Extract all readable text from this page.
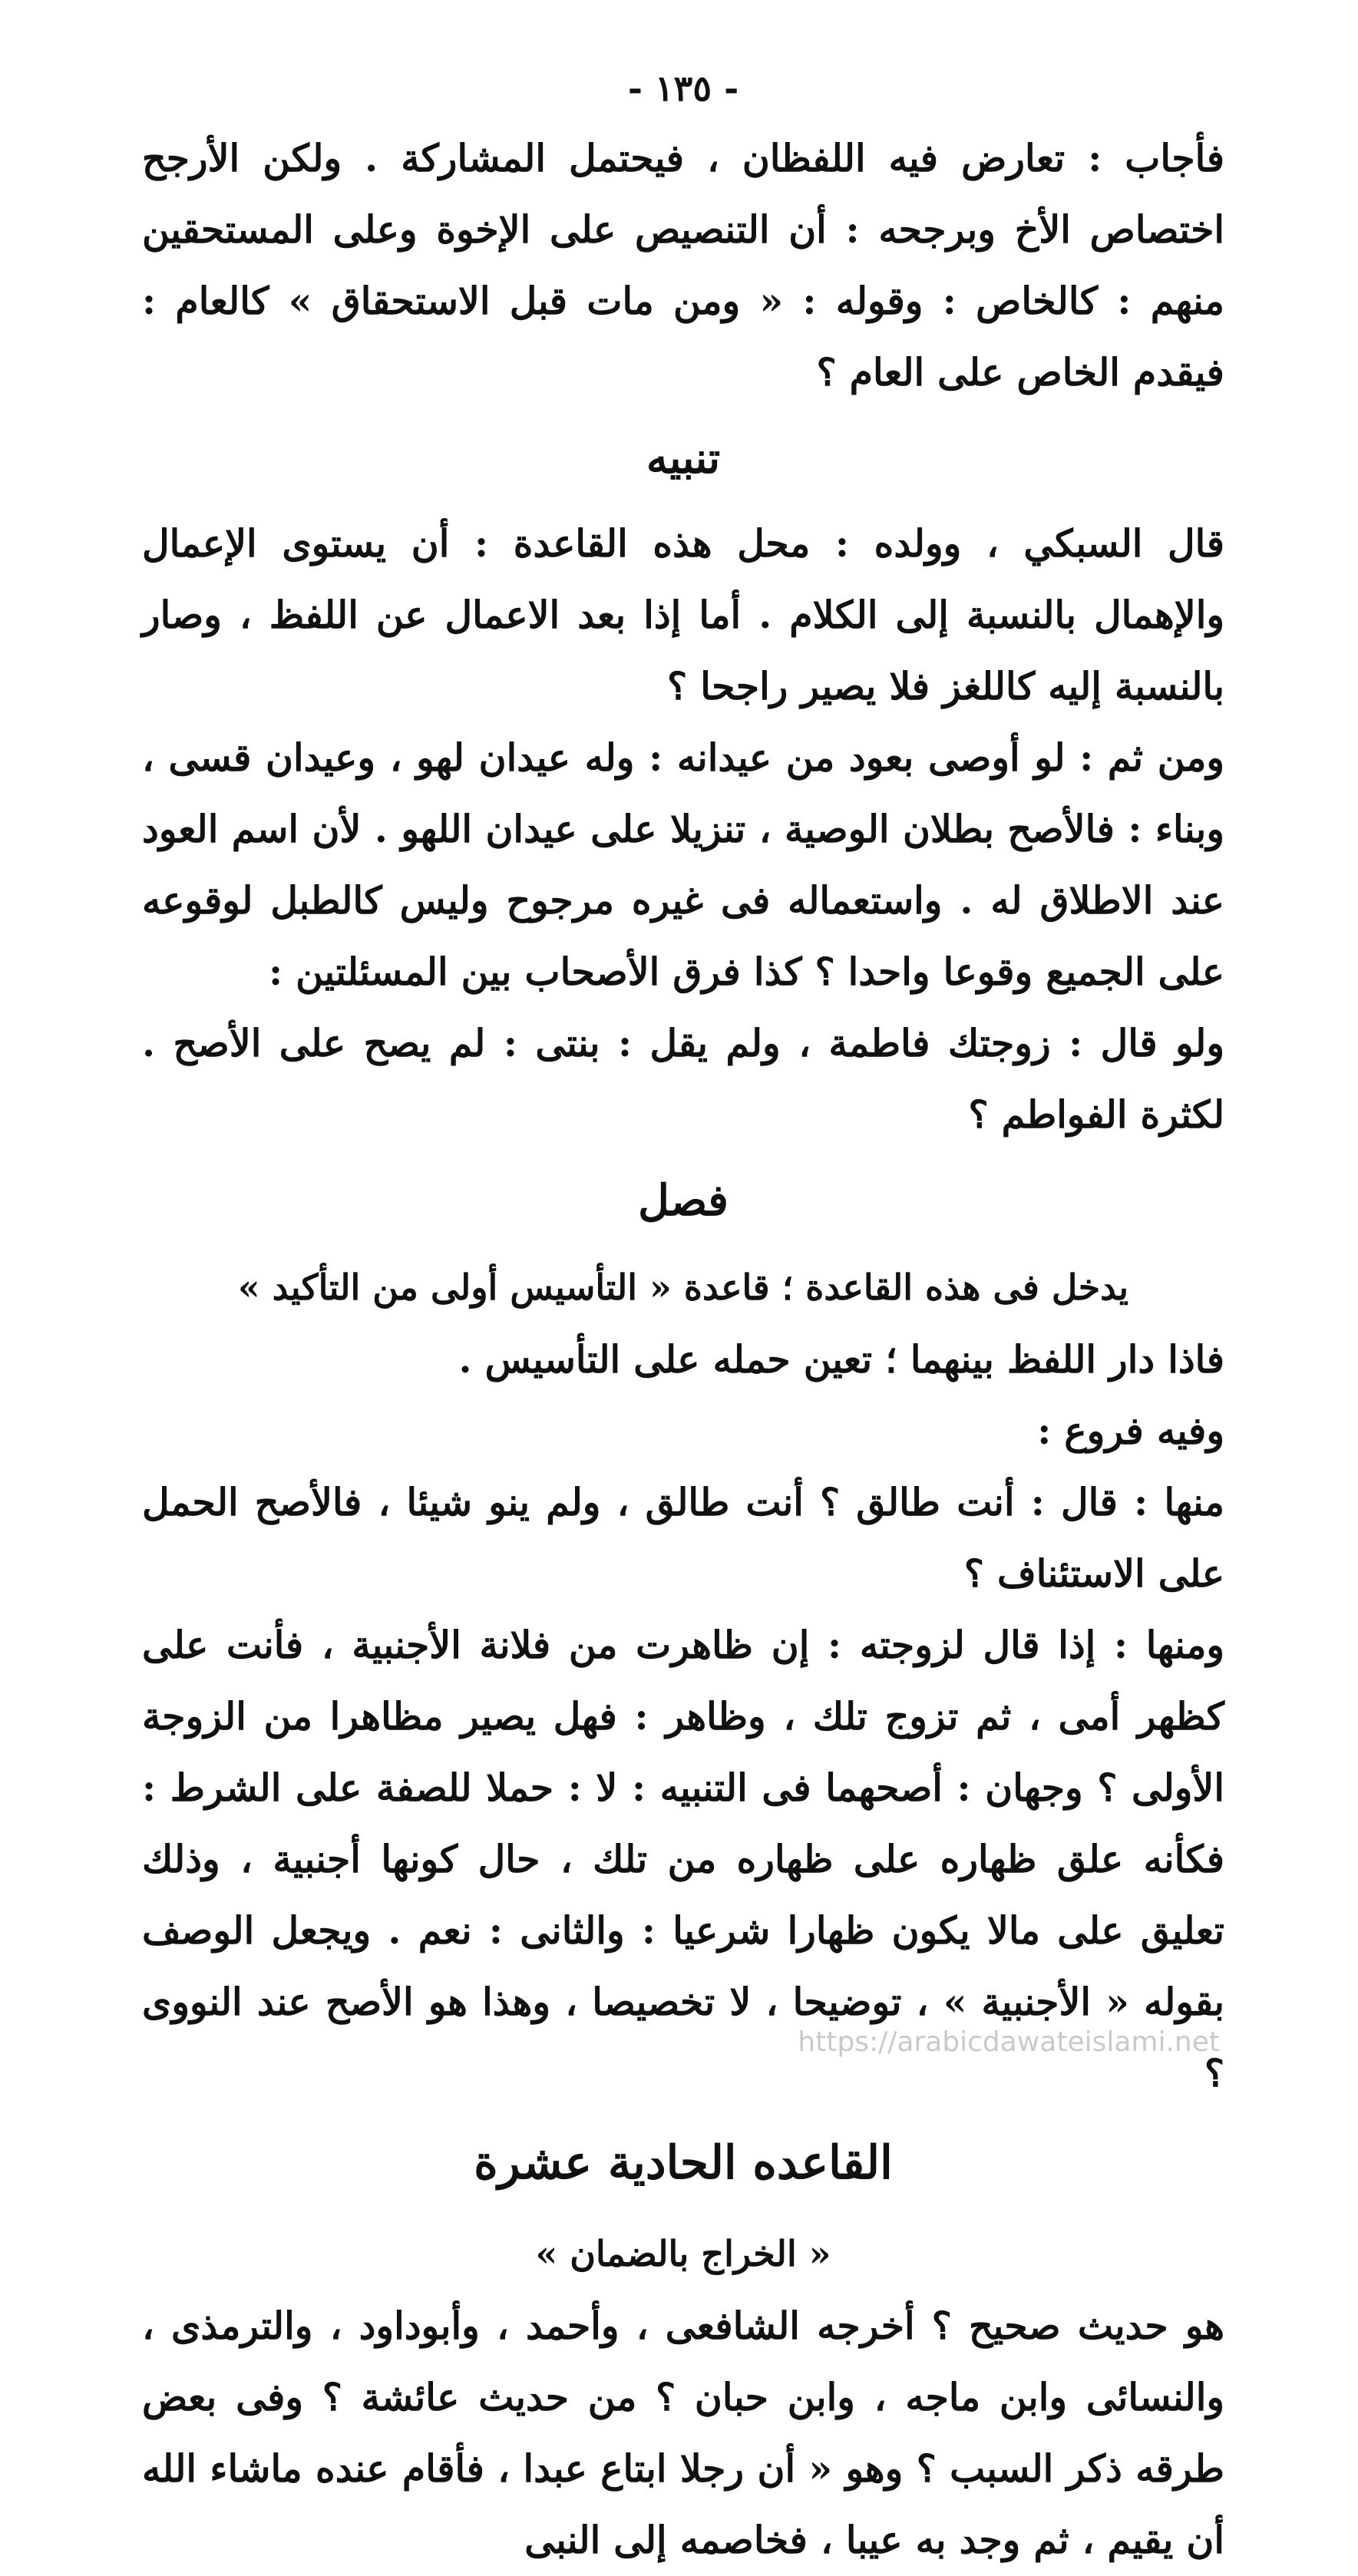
- ١٣٥ -

فأجاب : تعارض فيه اللفظان ، فيحتمل المشاركة . ولكن الأرجح اختصاص الأخ وبرجحه : أن التنصيص على الإخوة وعلى المستحقين منهم : كالخاص : وقوله : « ومن مات قبل الاستحقاق » كالعام : فيقدم الخاص على العام ؟

تنبيه

قال السبكي ، وولده : محل هذه القاعدة : أن يستوى الإعمال والإهمال بالنسبة إلى الكلام . أما إذا بعد الاعمال عن اللفظ ، وصار بالنسبة إليه كاللغز فلا يصير راجحا ؟

ومن ثم : لو أوصى بعود من عيدانه : وله عيدان لهو ، وعيدان قسى ، وبناء : فالأصح بطلان الوصية ، تنزيلا على عيدان اللهو . لأن اسم العود عند الاطلاق له . واستعماله فى غيره مرجوح وليس كالطبل لوقوعه على الجميع وقوعا واحدا ؟ كذا فرق الأصحاب بين المسئلتين :

ولو قال : زوجتك فاطمة ، ولم يقل : بنتى : لم يصح على الأصح . لكثرة الفواطم ؟

فصل

يدخل فى هذه القاعدة ؛ قاعدة « التأسيس أولى من التأكيد »

فاذا دار اللفظ بينهما ؛ تعين حمله على التأسيس .

وفيه فروع :

منها : قال : أنت طالق ؟ أنت طالق ، ولم ينو شيئا ، فالأصح الحمل على الاستئناف ؟

ومنها : إذا قال لزوجته : إن ظاهرت من فلانة الأجنبية ، فأنت على كظهر أمى ، ثم تزوج تلك ، وظاهر : فهل يصير مظاهرا من الزوجة الأولى ؟ وجهان : أصحهما فى التنبيه : لا : حملا للصفة على الشرط : فكأنه علق ظهاره على ظهاره من تلك ، حال كونها أجنبية ، وذلك تعليق على مالا يكون ظهارا شرعيا : والثانى : نعم . ويجعل الوصف بقوله « الأجنبية » ، توضيحا ، لا تخصيصا ، وهذا هو الأصح عند النووى ؟

القاعده الحادية عشرة

« الخراج بالضمان »

هو حديث صحيح ؟ أخرجه الشافعى ، وأحمد ، وأبوداود ، والترمذى ، والنسائى وابن ماجه ، وابن حبان ؟ من حديث عائشة ؟ وفى بعض طرقه ذكر السبب ؟ وهو « أن رجلا ابتاع عبدا ، فأقام عنده ماشاء الله أن يقيم ، ثم وجد به عيبا ، فخاصمه إلى النبى

https://arabicdawateislami.net
